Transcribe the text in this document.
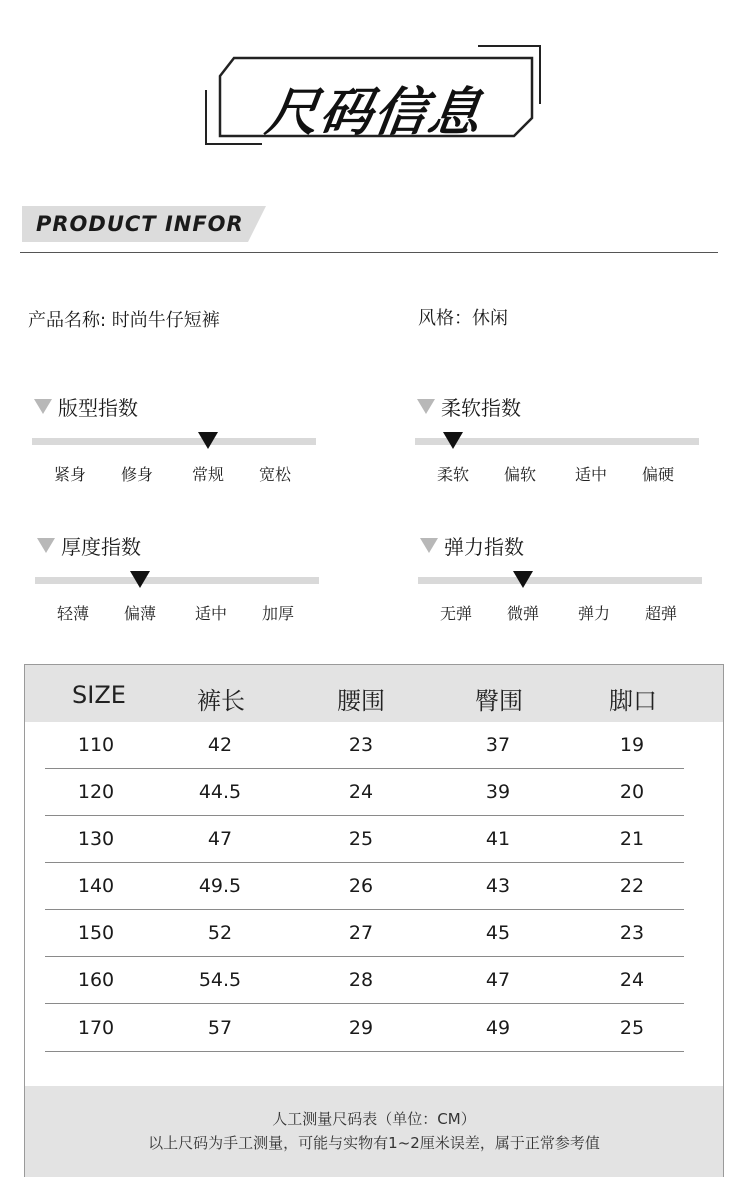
尺码信息
PRODUCT INFOR
产品名称: 时尚牛仔短裤	风格：休闲
版型指数
紧身 修身 常规 宽松
柔软指数
柔软 偏软 适中 偏硬
厚度指数
轻薄 偏薄 适中 加厚
弹力指数
无弹 微弹 弹力 超弹
SIZE	裤长	腰围	臀围	脚口
110	42	23	37	19
120	44.5	24	39	20
130	47	25	41	21
140	49.5	26	43	22
150	52	27	45	23
160	54.5	28	47	24
170	57	29	49	25
人工测量尺码表（单位：CM）
以上尺码为手工测量，可能与实物有1~2厘米误差，属于正常参考值
